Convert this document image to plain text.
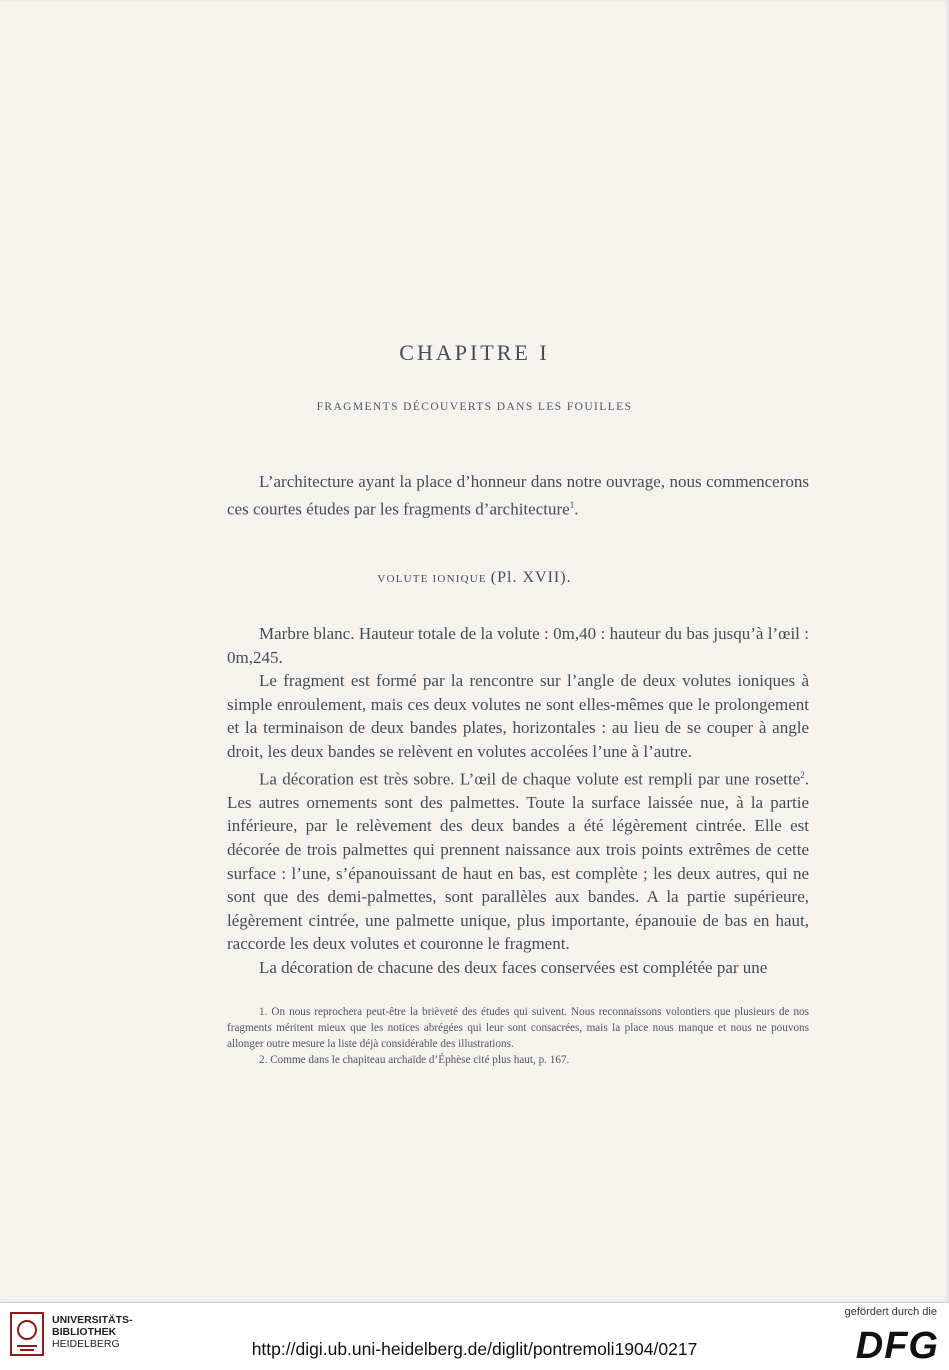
CHAPITRE I
FRAGMENTS DÉCOUVERTS DANS LES FOUILLES

L’architecture ayant la place d’honneur dans notre ouvrage, nous commencerons ces courtes études par les fragments d’architecture$^1$.

VOLUTE IONIQUE (Pl. XVII).

Marbre blanc. Hauteur totale de la volute : 0m,40 : hauteur du bas jusqu’à l’œil : 0m,245.

Le fragment est formé par la rencontre sur l’angle de deux volutes ioniques à simple enroulement, mais ces deux volutes ne sont elles-mêmes que le prolongement et la terminaison de deux bandes plates, horizontales : au lieu de se couper à angle droit, les deux bandes se relèvent en volutes accolées l’une à l’autre.

La décoration est très sobre. L’œil de chaque volute est rempli par une rosette$^2$. Les autres ornements sont des palmettes. Toute la surface laissée nue, à la partie inférieure, par le relèvement des deux bandes a été légèrement cintrée. Elle est décorée de trois palmettes qui prennent naissance aux trois points extrêmes de cette surface : l’une, s’épanouissant de haut en bas, est complète ; les deux autres, qui ne sont que des demi-palmettes, sont parallèles aux bandes. A la partie supérieure, légèrement cintrée, une palmette unique, plus importante, épanouie de bas en haut, raccorde les deux volutes et couronne le fragment.

La décoration de chacune des deux faces conservées est complétée par une

1. On nous reprochera peut-être la brièveté des études qui suivent. Nous reconnaissons volontiers que plusieurs de nos fragments méritent mieux que les notices abrégées qui leur sont consacrées, mais la place nous manque et nous ne pouvons allonger outre mesure la liste déjà considérable des illustrations.

2. Comme dans le chapiteau archaïde d’Éphèse cité plus haut, p. 167.

UNIVERSITÄTS-
BIBLIOTHEK
HEIDELBERG	http://digi.ub.uni-heidelberg.de/diglit/pontremoli1904/0217
gefördert durch die
DFG
